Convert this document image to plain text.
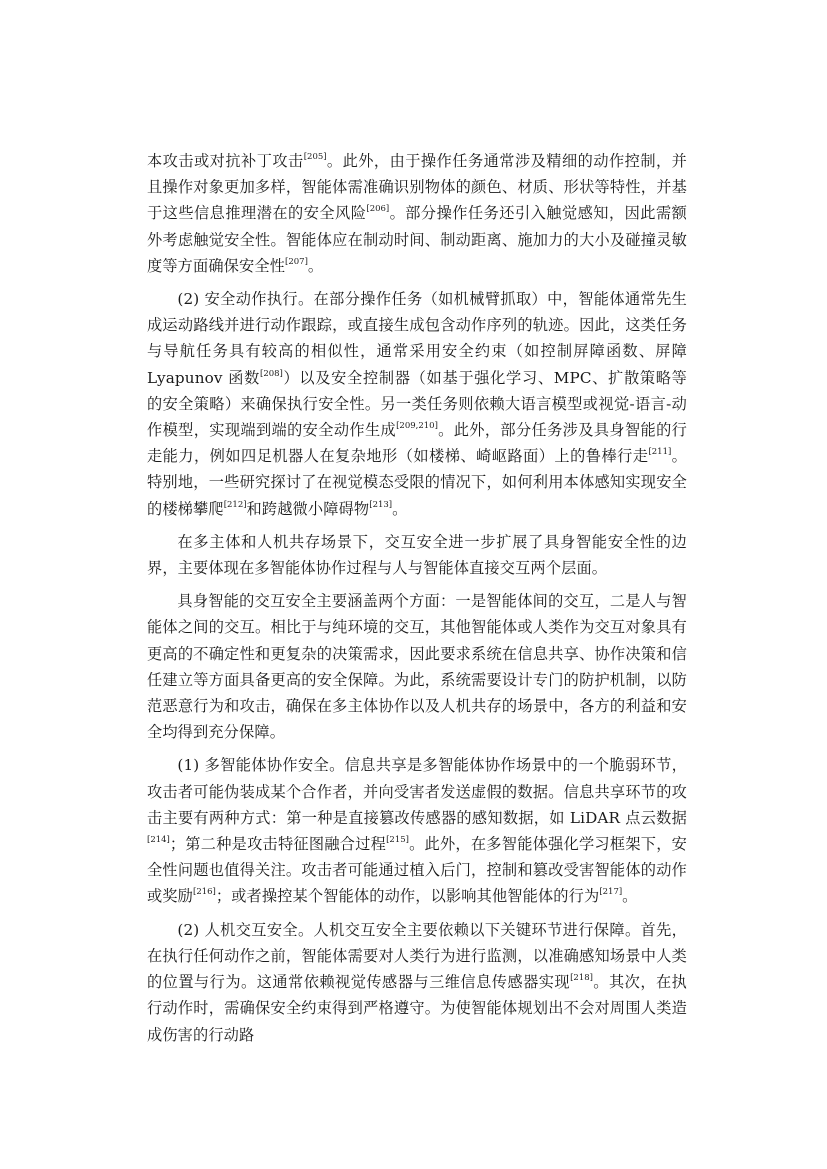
本攻击或对抗补丁攻击[205]。此外，由于操作任务通常涉及精细的动作控制，并且操作对象更加多样，智能体需准确识别物体的颜色、材质、形状等特性，并基于这些信息推理潜在的安全风险[206]。部分操作任务还引入触觉感知，因此需额外考虑触觉安全性。智能体应在制动时间、制动距离、施加力的大小及碰撞灵敏度等方面确保安全性[207]。

(2) 安全动作执行。在部分操作任务（如机械臂抓取）中，智能体通常先生成运动路线并进行动作跟踪，或直接生成包含动作序列的轨迹。因此，这类任务与导航任务具有较高的相似性，通常采用安全约束（如控制屏障函数、屏障 Lyapunov 函数[208]）以及安全控制器（如基于强化学习、MPC、扩散策略等的安全策略）来确保执行安全性。另一类任务则依赖大语言模型或视觉-语言-动作模型，实现端到端的安全动作生成[209,210]。此外，部分任务涉及具身智能的行走能力，例如四足机器人在复杂地形（如楼梯、崎岖路面）上的鲁棒行走[211]。特别地，一些研究探讨了在视觉模态受限的情况下，如何利用本体感知实现安全的楼梯攀爬[212]和跨越微小障碍物[213]。

在多主体和人机共存场景下，交互安全进一步扩展了具身智能安全性的边界，主要体现在多智能体协作过程与人与智能体直接交互两个层面。

具身智能的交互安全主要涵盖两个方面：一是智能体间的交互，二是人与智能体之间的交互。相比于与纯环境的交互，其他智能体或人类作为交互对象具有更高的不确定性和更复杂的决策需求，因此要求系统在信息共享、协作决策和信任建立等方面具备更高的安全保障。为此，系统需要设计专门的防护机制，以防范恶意行为和攻击，确保在多主体协作以及人机共存的场景中，各方的利益和安全均得到充分保障。

(1) 多智能体协作安全。信息共享是多智能体协作场景中的一个脆弱环节，攻击者可能伪装成某个合作者，并向受害者发送虚假的数据。信息共享环节的攻击主要有两种方式：第一种是直接篡改传感器的感知数据，如 LiDAR 点云数据[214]；第二种是攻击特征图融合过程[215]。此外，在多智能体强化学习框架下，安全性问题也值得关注。攻击者可能通过植入后门，控制和篡改受害智能体的动作或奖励[216]；或者操控某个智能体的动作，以影响其他智能体的行为[217]。

(2) 人机交互安全。人机交互安全主要依赖以下关键环节进行保障。首先，在执行任何动作之前，智能体需要对人类行为进行监测，以准确感知场景中人类的位置与行为。这通常依赖视觉传感器与三维信息传感器实现[218]。其次，在执行动作时，需确保安全约束得到严格遵守。为使智能体规划出不会对周围人类造成伤害的行动路
